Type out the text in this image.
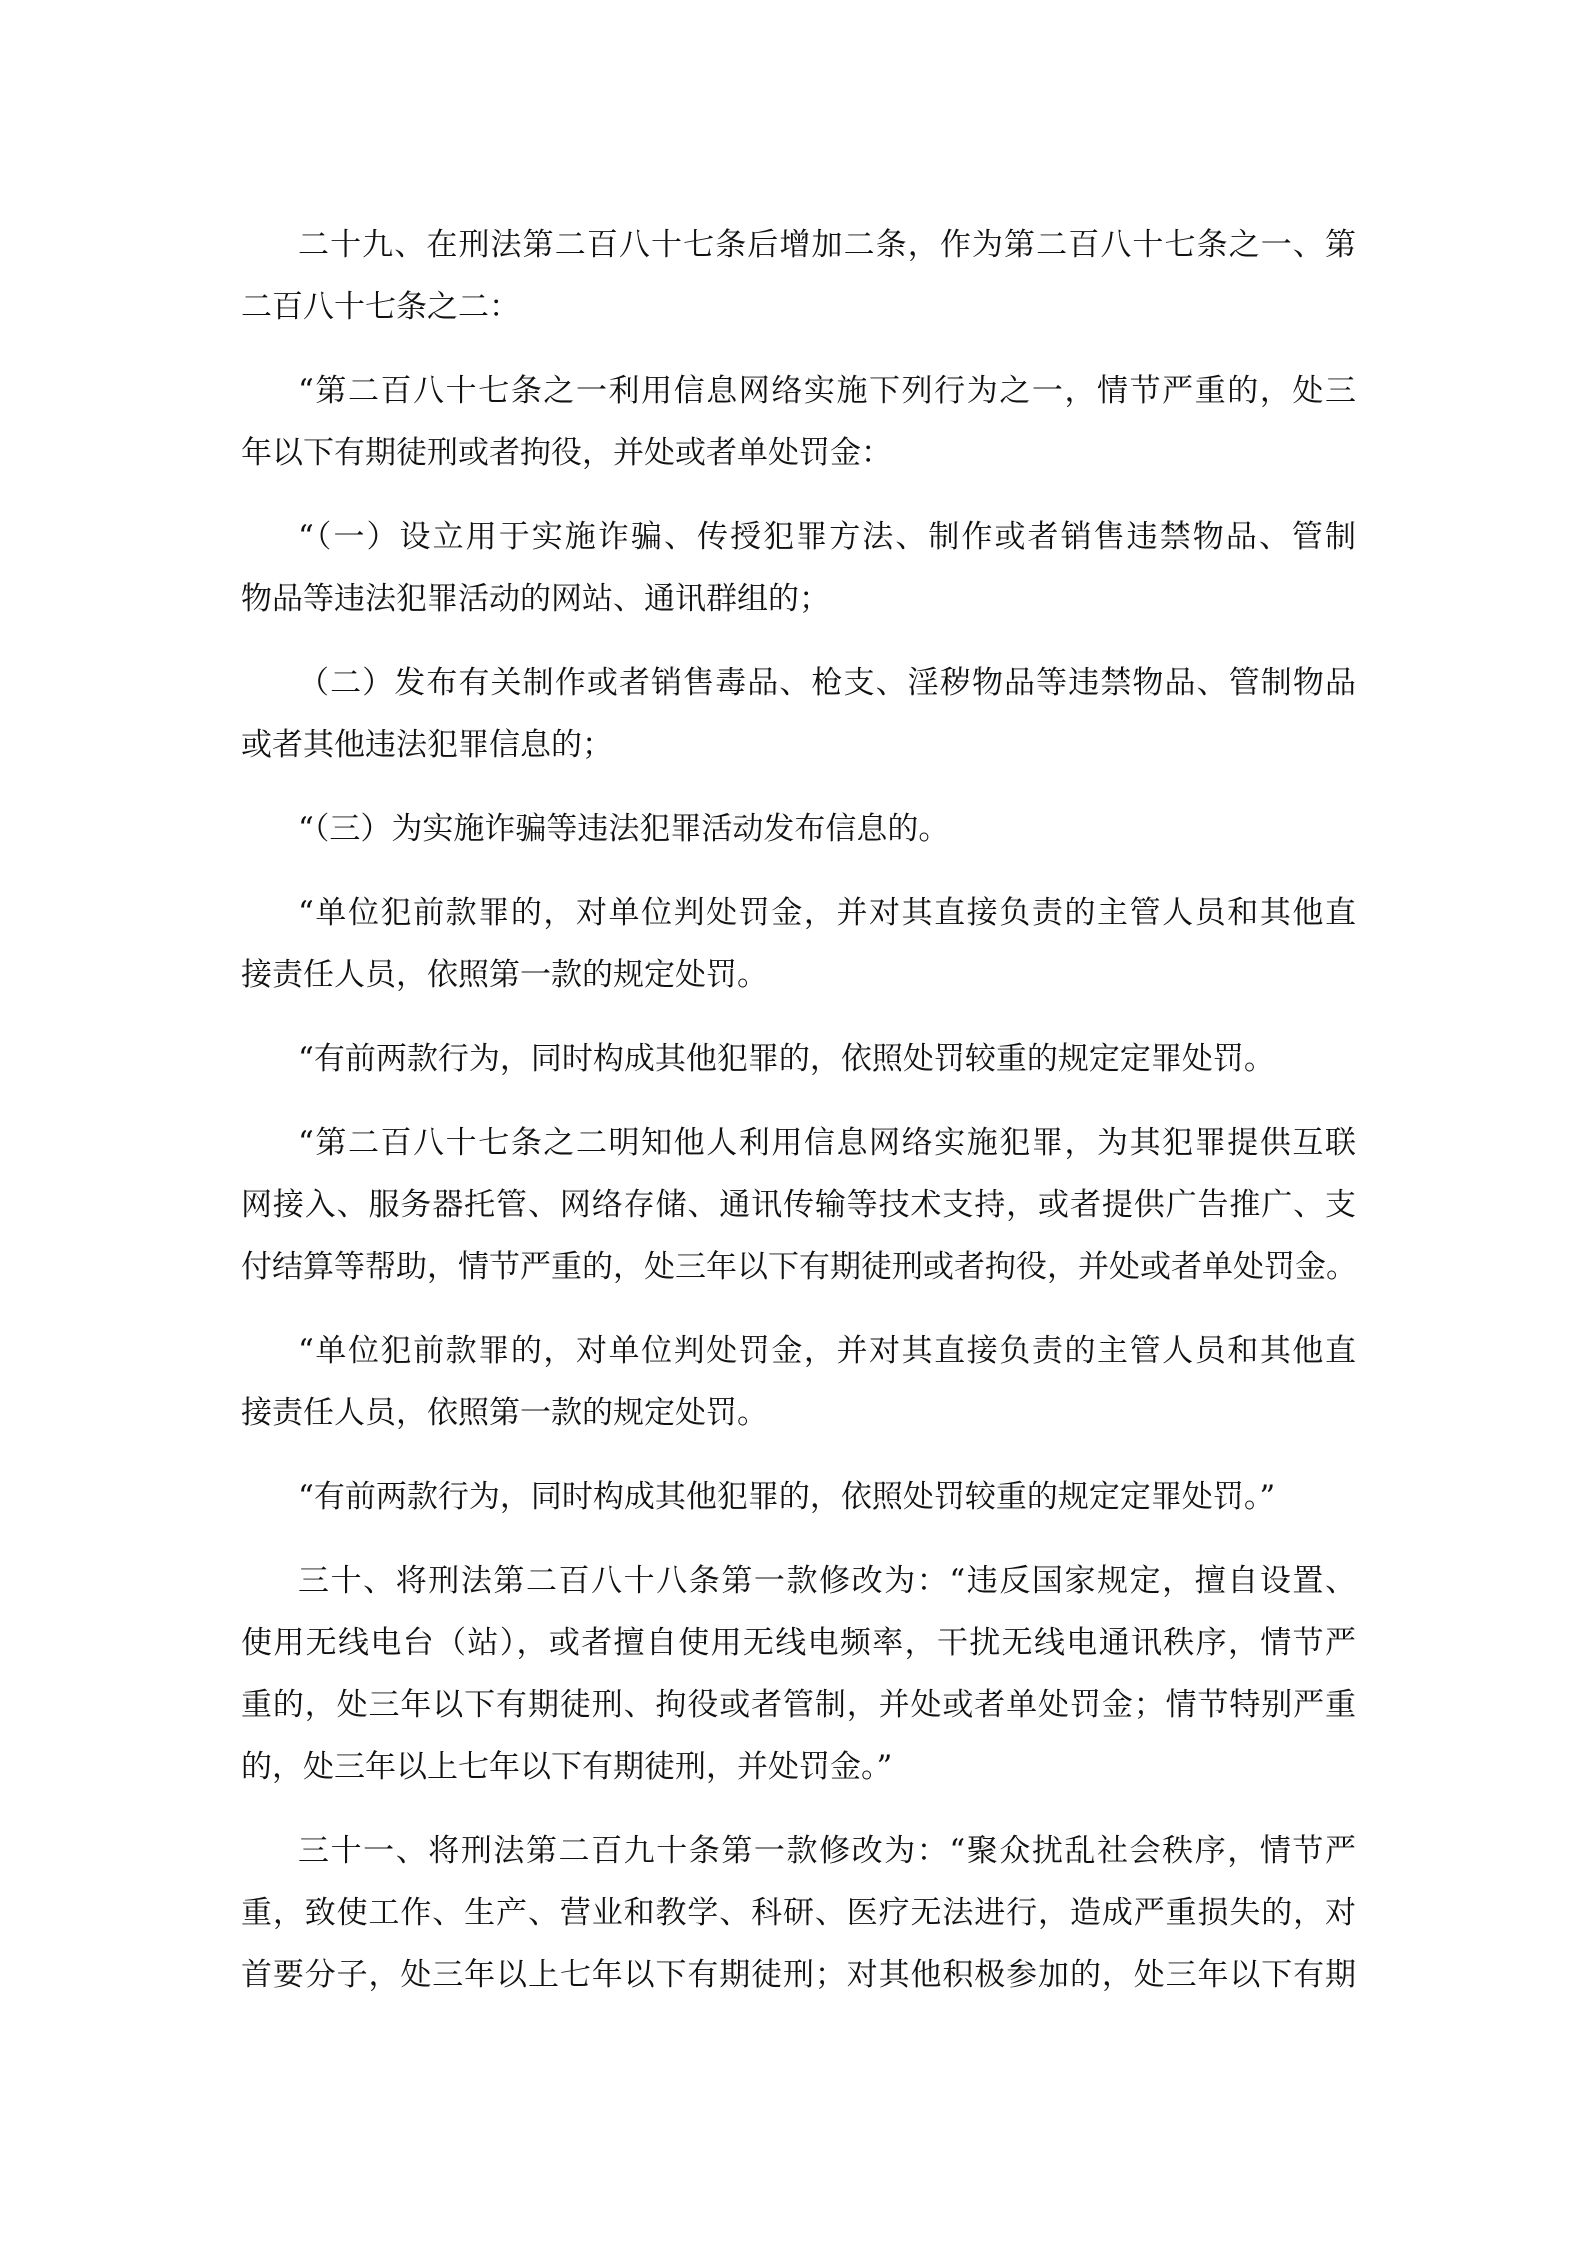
二十九、在刑法第二百八十七条后增加二条，作为第二百八十七条之一、第
二百八十七条之二：
“第二百八十七条之一利用信息网络实施下列行为之一，情节严重的，处三
年以下有期徒刑或者拘役，并处或者单处罚金：
“（一）设立用于实施诈骗、传授犯罪方法、制作或者销售违禁物品、管制
物品等违法犯罪活动的网站、通讯群组的；
（二）发布有关制作或者销售毒品、枪支、淫秽物品等违禁物品、管制物品
或者其他违法犯罪信息的；
“（三）为实施诈骗等违法犯罪活动发布信息的。
“单位犯前款罪的，对单位判处罚金，并对其直接负责的主管人员和其他直
接责任人员，依照第一款的规定处罚。
“有前两款行为，同时构成其他犯罪的，依照处罚较重的规定定罪处罚。
“第二百八十七条之二明知他人利用信息网络实施犯罪，为其犯罪提供互联
网接入、服务器托管、网络存储、通讯传输等技术支持，或者提供广告推广、支
付结算等帮助，情节严重的，处三年以下有期徒刑或者拘役，并处或者单处罚金。
“单位犯前款罪的，对单位判处罚金，并对其直接负责的主管人员和其他直
接责任人员，依照第一款的规定处罚。
“有前两款行为，同时构成其他犯罪的，依照处罚较重的规定定罪处罚。”
三十、将刑法第二百八十八条第一款修改为：“违反国家规定，擅自设置、
使用无线电台（站），或者擅自使用无线电频率，干扰无线电通讯秩序，情节严
重的，处三年以下有期徒刑、拘役或者管制，并处或者单处罚金；情节特别严重
的，处三年以上七年以下有期徒刑，并处罚金。”
三十一、将刑法第二百九十条第一款修改为：“聚众扰乱社会秩序，情节严
重，致使工作、生产、营业和教学、科研、医疗无法进行，造成严重损失的，对
首要分子，处三年以上七年以下有期徒刑；对其他积极参加的，处三年以下有期
